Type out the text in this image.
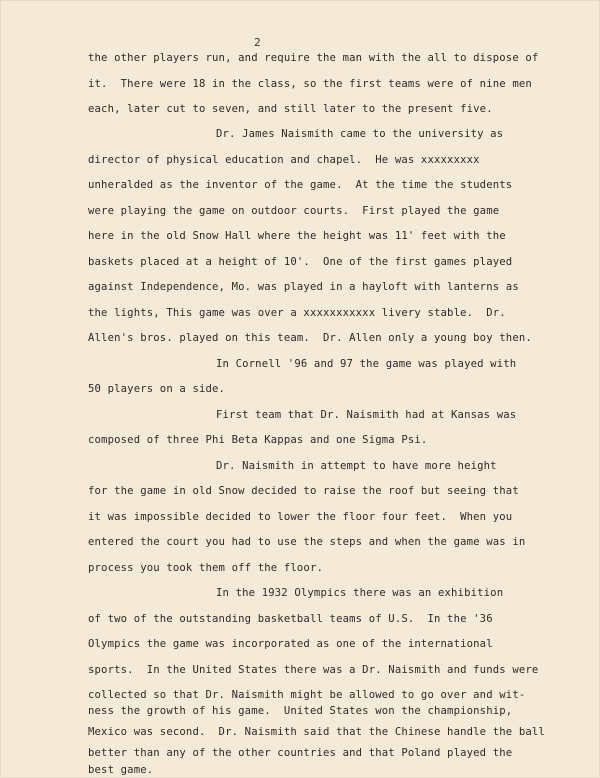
2
the other players run, and require the man with the all to dispose of
it.  There were 18 in the class, so the first teams were of nine men
each, later cut to seven, and still later to the present five.
Dr. James Naismith came to the university as
director of physical education and chapel.  He was xxxxxxxxx
unheralded as the inventor of the game.  At the time the students
were playing the game on outdoor courts.  First played the game
here in the old Snow Hall where the height was 11' feet with the
baskets placed at a height of 10'.  One of the first games played
against Independence, Mo. was played in a hayloft with lanterns as
the lights, This game was over a xxxxxxxxxxx livery stable.  Dr.
Allen's bros. played on this team.  Dr. Allen only a young boy then.
In Cornell '96 and 97 the game was played with
50 players on a side.
First team that Dr. Naismith had at Kansas was
composed of three Phi Beta Kappas and one Sigma Psi.
Dr. Naismith in attempt to have more height
for the game in old Snow decided to raise the roof but seeing that
it was impossible decided to lower the floor four feet.  When you
entered the court you had to use the steps and when the game was in
process you took them off the floor.
In the 1932 Olympics there was an exhibition
of two of the outstanding basketball teams of U.S.  In the '36
Olympics the game was incorporated as one of the international
sports.  In the United States there was a Dr. Naismith and funds were
collected so that Dr. Naismith might be allowed to go over and wit-
ness the growth of his game.  United States won the championship,
Mexico was second.  Dr. Naismith said that the Chinese handle the ball
better than any of the other countries and that Poland played the
best game.
